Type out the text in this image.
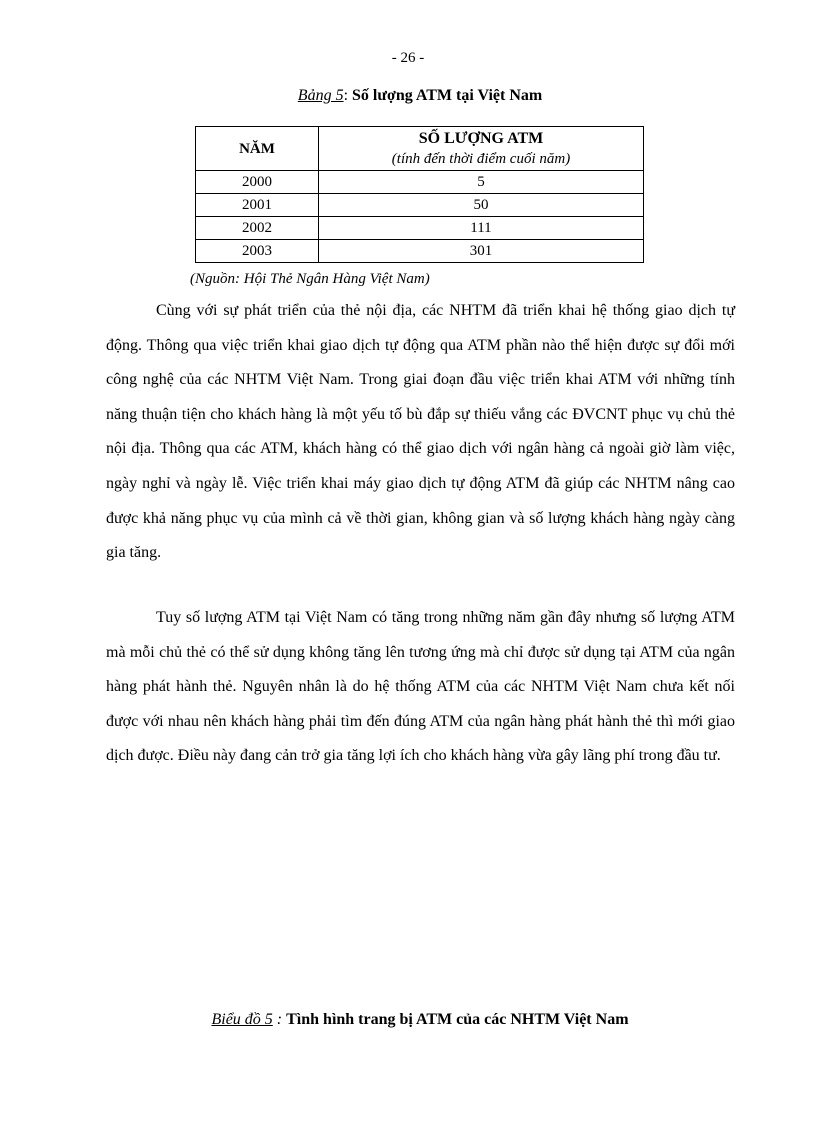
- 26 -
Bảng 5: Số lượng ATM tại Việt Nam
NĂM	SỐ LƯỢNG ATM
(tính đến thời điểm cuối năm)

2000	5
2001	50
2002	111
2003	301
(Nguồn: Hội Thẻ Ngân Hàng Việt Nam)

Cùng với sự phát triển của thẻ nội địa, các NHTM đã triển khai hệ thống giao dịch tự động. Thông qua việc triển khai giao dịch tự động qua ATM phần nào thể hiện được sự đổi mới công nghệ của các NHTM Việt Nam. Trong giai đoạn đầu việc triển khai ATM với những tính năng thuận tiện cho khách hàng là một yếu tố bù đắp sự thiếu vắng các ĐVCNT phục vụ chủ thẻ nội địa. Thông qua các ATM, khách hàng có thể giao dịch với ngân hàng cả ngoài giờ làm việc, ngày nghỉ và ngày lễ. Việc triển khai máy giao dịch tự động ATM đã giúp các NHTM nâng cao được khả năng phục vụ của mình cả về thời gian, không gian và số lượng khách hàng ngày càng gia tăng.

Tuy số lượng ATM tại Việt Nam có tăng trong những năm gần đây nhưng số lượng ATM mà mỗi chủ thẻ có thể sử dụng không tăng lên tương ứng mà chỉ được sử dụng tại ATM của ngân hàng phát hành thẻ. Nguyên nhân là do hệ thống ATM của các NHTM Việt Nam chưa kết nối được với nhau nên khách hàng phải tìm đến đúng ATM của ngân hàng phát hành thẻ thì mới giao dịch được. Điều này đang cản trở gia tăng lợi ích cho khách hàng vừa gây lãng phí trong đầu tư.

Biểu đồ 5 : Tình hình trang bị ATM của các NHTM Việt Nam
